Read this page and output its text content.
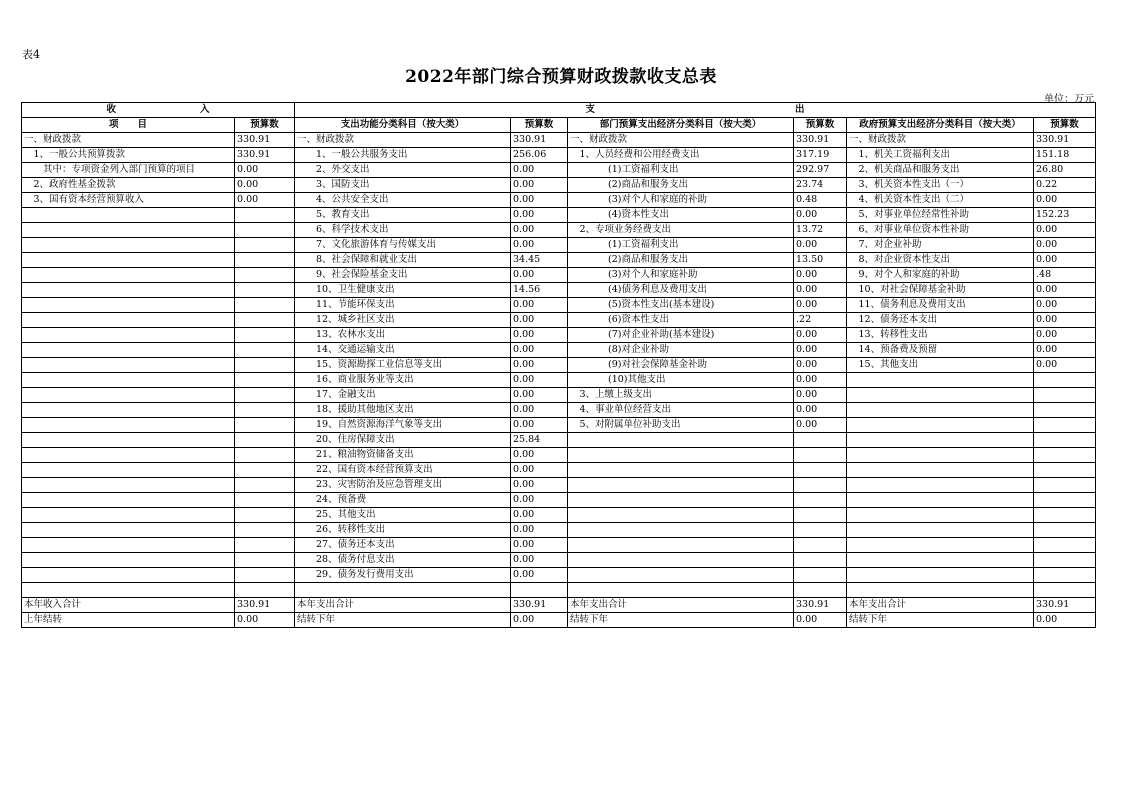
表4
2022年部门综合预算财政拨款收支总表
单位：万元
收 入		支 出					
项　　目	预算数	支出功能分类科目（按大类）	预算数	部门预算支出经济分类科目（按大类）	预算数	政府预算支出经济分类科目（按大类）	预算数
一、财政拨款	330.91	一、财政拨款	330.91	一、财政拨款	330.91	一、财政拨款	330.91
　1、一般公共预算拨款	330.91	　　1、一般公共服务支出	256.06	　1、人员经费和公用经费支出	317.19	　1、机关工资福利支出	151.18
　　其中：专项资金列入部门预算的项目	0.00	　　2、外交支出	0.00	　　　　(1)工资福利支出	292.97	　2、机关商品和服务支出	26.80
　2、政府性基金拨款	0.00	　　3、国防支出	0.00	　　　　(2)商品和服务支出	23.74	　3、机关资本性支出（一）	0.22
　3、国有资本经营预算收入	0.00	　　4、公共安全支出	0.00	　　　　(3)对个人和家庭的补助	0.48	　4、机关资本性支出（二）	0.00
		　　5、教育支出	0.00	　　　　(4)资本性支出	0.00	　5、对事业单位经常性补助	152.23
		　　6、科学技术支出	0.00	　2、专项业务经费支出	13.72	　6、对事业单位资本性补助	0.00
		　　7、文化旅游体育与传媒支出	0.00	　　　　(1)工资福利支出	0.00	　7、对企业补助	0.00
		　　8、社会保障和就业支出	34.45	　　　　(2)商品和服务支出	13.50	　8、对企业资本性支出	0.00
		　　9、社会保险基金支出	0.00	　　　　(3)对个人和家庭补助	0.00	　9、对个人和家庭的补助	.48
		　　10、卫生健康支出	14.56	　　　　(4)债务利息及费用支出	0.00	　10、对社会保障基金补助	0.00
		　　11、节能环保支出	0.00	　　　　(5)资本性支出(基本建设)	0.00	　11、债务利息及费用支出	0.00
		　　12、城乡社区支出	0.00	　　　　(6)资本性支出	.22	　12、债务还本支出	0.00
		　　13、农林水支出	0.00	　　　　(7)对企业补助(基本建设)	0.00	　13、转移性支出	0.00
		　　14、交通运输支出	0.00	　　　　(8)对企业补助	0.00	　14、预备费及预留	0.00
		　　15、资源勘探工业信息等支出	0.00	　　　　(9)对社会保障基金补助	0.00	　15、其他支出	0.00
		　　16、商业服务业等支出	0.00	　　　　(10)其他支出	0.00		
		　　17、金融支出	0.00	　3、上缴上级支出	0.00		
		　　18、援助其他地区支出	0.00	　4、事业单位经营支出	0.00		
		　　19、自然资源海洋气象等支出	0.00	　5、对附属单位补助支出	0.00		
		　　20、住房保障支出	25.84				
		　　21、粮油物资储备支出	0.00				
		　　22、国有资本经营预算支出	0.00				
		　　23、灾害防治及应急管理支出	0.00				
		　　24、预备费	0.00				
		　　25、其他支出	0.00				
		　　26、转移性支出	0.00				
		　　27、债务还本支出	0.00				
		　　28、债务付息支出	0.00				
		　　29、债务发行费用支出	0.00				

本年收入合计	330.91	本年支出合计	330.91	本年支出合计	330.91	本年支出合计	330.91
上年结转	0.00	结转下年	0.00	结转下年	0.00	结转下年	0.00
